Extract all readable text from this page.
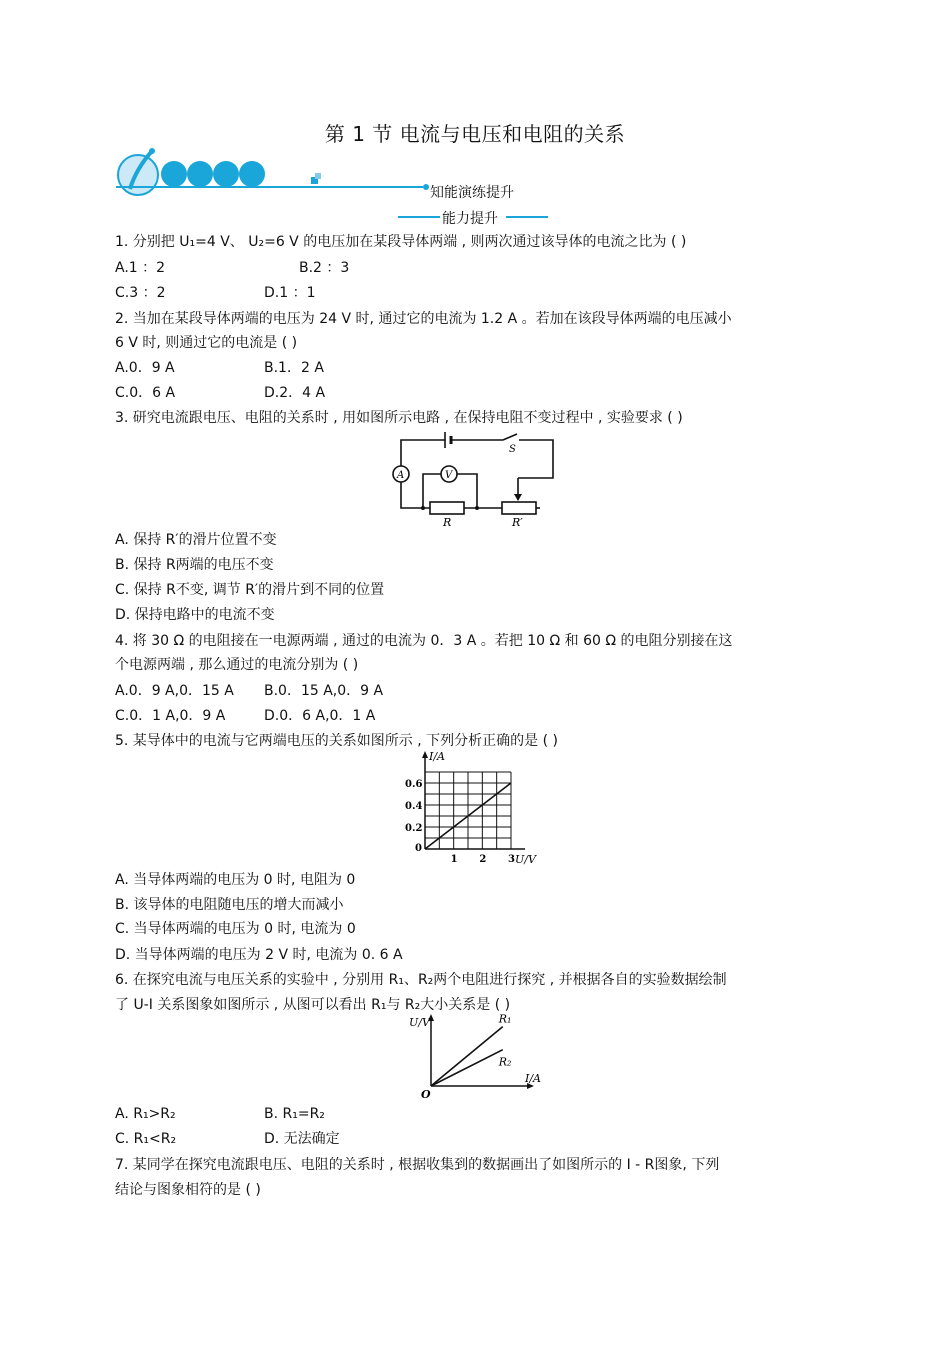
第 1 节 电流与电压和电阻的关系
知能演练提升
能力提升
1. 分别把 U₁=4 V、 U₂=6 V 的电压加在某段导体两端 , 则两次通过该导体的电流之比为 ( )
A.1 ：2	B.2 ：3
C.3 ：2	D.1 ：1
2. 当加在某段导体两端的电压为 24 V 时, 通过它的电流为 1.2 A 。若加在该段导体两端的电压减小
6 V 时, 则通过它的电流是 ( )
A.0．9 A	B.1．2 A
C.0．6 A	D.2．4 A
3. 研究电流跟电压、电阻的关系时 , 用如图所示电路 , 在保持电阻不变过程中 , 实验要求 ( )
A	V
S
R	R′
A. 保持 R′的滑片位置不变
B. 保持 R两端的电压不变
C. 保持 R不变, 调节 R′的滑片到不同的位置
D. 保持电路中的电流不变
4. 将 30 Ω 的电阻接在一电源两端 , 通过的电流为 0．3 A 。若把 10 Ω 和 60 Ω 的电阻分别接在这
个电源两端 , 那么通过的电流分别为 ( )
A.0．9 A,0．15 A B.0．15 A,0．9 A
C.0．1 A,0．9 A	D.0．6 A,0．1 A
5. 某导体中的电流与它两端电压的关系如图所示 , 下列分析正确的是 ( )
I/A
U/V
0
0.2
0.4
0.6
1 2 3
A. 当导体两端的电压为 0 时, 电阻为 0
B. 该导体的电阻随电压的增大而减小
C. 当导体两端的电压为 0 时, 电流为 0
D. 当导体两端的电压为 2 V 时, 电流为 0. 6 A
6. 在探究电流与电压关系的实验中 , 分别用 R₁、R₂两个电阻进行探究 , 并根据各自的实验数据绘制
了 U-I 关系图象如图所示 , 从图可以看出 R₁与 R₂大小关系是 ( )
R₁
R₂
U/V
I/A
O
A. R₁>R₂	B. R₁=R₂
C. R₁<R₂	D. 无法确定
7. 某同学在探究电流跟电压、电阻的关系时 , 根据收集到的数据画出了如图所示的 I - R图象, 下列
结论与图象相符的是 ( )
